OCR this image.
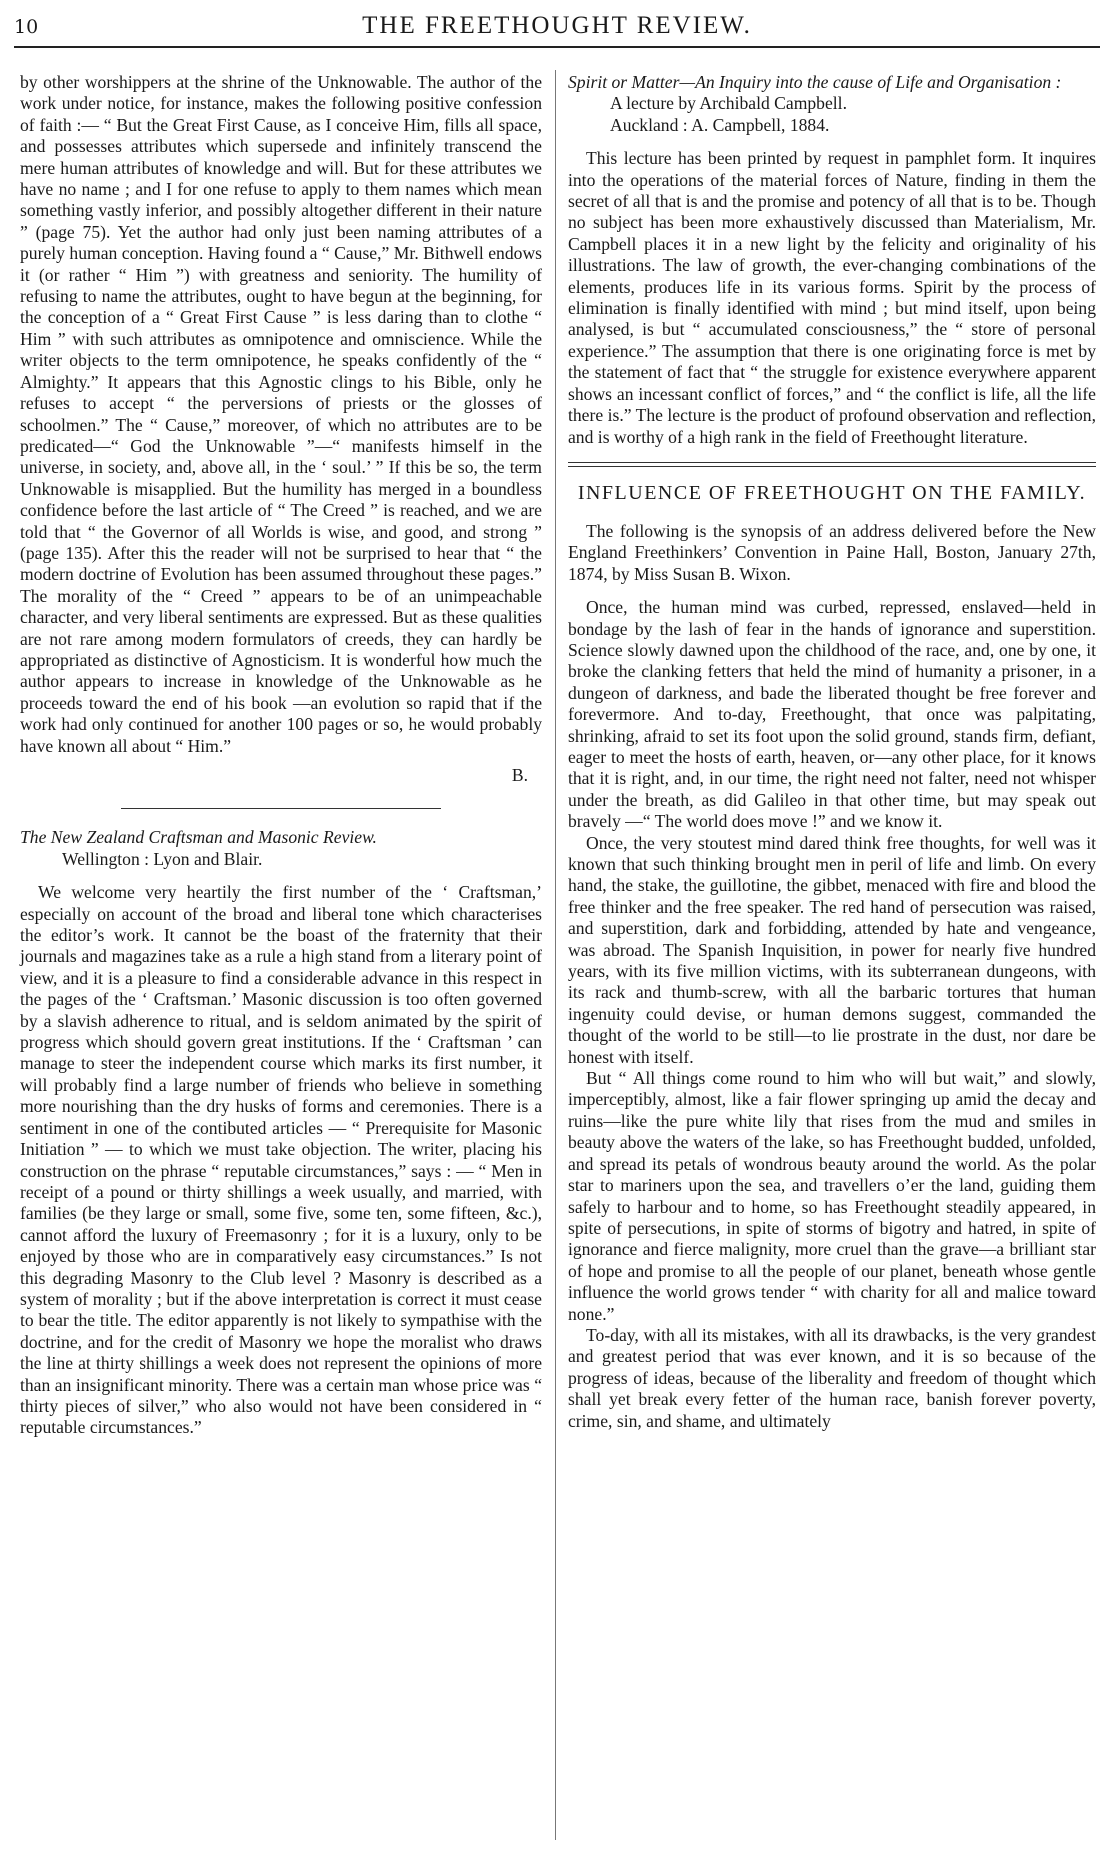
10	THE FREETHOUGHT REVIEW.

by other worshippers at the shrine of the Unknowable. The author of the work under notice, for instance, makes the following positive confession of faith :— “ But the Great First Cause, as I conceive Him, fills all space, and possesses attributes which supersede and infinitely transcend the mere human attributes of knowledge and will. But for these attributes we have no name ; and I for one refuse to apply to them names which mean something vastly inferior, and possibly altogether different in their nature ” (page 75). Yet the author had only just been naming attributes of a purely human conception. Having found a “ Cause,” Mr. Bithwell endows it (or rather “ Him ”) with greatness and seniority. The humility of refusing to name the attributes, ought to have begun at the beginning, for the conception of a “ Great First Cause ” is less daring than to clothe “ Him ” with such attributes as omnipotence and omniscience. While the writer objects to the term omnipotence, he speaks confidently of the “ Almighty.” It appears that this Agnostic clings to his Bible, only he refuses to accept “ the perversions of priests or the glosses of schoolmen.” The “ Cause,” moreover, of which no attributes are to be predicated—“ God the Unknowable ”—“ manifests himself in the universe, in society, and, above all, in the ‘ soul.’ ” If this be so, the term Unknowable is misapplied. But the humility has merged in a boundless confidence before the last article of “ The Creed ” is reached, and we are told that “ the Governor of all Worlds is wise, and good, and strong ” (page 135). After this the reader will not be surprised to hear that “ the modern doctrine of Evolution has been assumed throughout these pages.” The morality of the “ Creed ” appears to be of an unimpeachable character, and very liberal sentiments are expressed. But as these qualities are not rare among modern formulators of creeds, they can hardly be appropriated as distinctive of Agnosticism. It is wonderful how much the author appears to increase in knowledge of the Unknowable as he proceeds toward the end of his book —an evolution so rapid that if the work had only continued for another 100 pages or so, he would probably have known all about “ Him.”

B.
The New Zealand Craftsman and Masonic Review.
Wellington : Lyon and Blair.

We welcome very heartily the first number of the ‘ Craftsman,’ especially on account of the broad and liberal tone which characterises the editor’s work. It cannot be the boast of the fraternity that their journals and magazines take as a rule a high stand from a literary point of view, and it is a pleasure to find a considerable advance in this respect in the pages of the ‘ Craftsman.’ Masonic discussion is too often governed by a slavish adherence to ritual, and is seldom animated by the spirit of progress which should govern great institutions. If the ‘ Craftsman ’ can manage to steer the independent course which marks its first number, it will probably find a large number of friends who believe in something more nourishing than the dry husks of forms and ceremonies. There is a sentiment in one of the contibuted articles — “ Prerequisite for Masonic Initiation ” — to which we must take objection. The writer, placing his construction on the phrase “ reputable circumstances,” says : — “ Men in receipt of a pound or thirty shillings a week usually, and married, with families (be they large or small, some five, some ten, some fifteen, &c.), cannot afford the luxury of Freemasonry ; for it is a luxury, only to be enjoyed by those who are in comparatively easy circumstances.” Is not this degrading Masonry to the Club level ? Masonry is described as a system of morality ; but if the above interpretation is correct it must cease to bear the title. The editor apparently is not likely to sympathise with the doctrine, and for the credit of Masonry we hope the moralist who draws the line at thirty shillings a week does not represent the opinions of more than an insignificant minority. There was a certain man whose price was “ thirty pieces of silver,” who also would not have been considered in “ reputable circumstances.”

Spirit or Matter—An Inquiry into the cause of Life and Organisation :
A lecture by Archibald Campbell.
Auckland : A. Campbell, 1884.

This lecture has been printed by request in pamphlet form. It inquires into the operations of the material forces of Nature, finding in them the secret of all that is and the promise and potency of all that is to be. Though no subject has been more exhaustively discussed than Materialism, Mr. Campbell places it in a new light by the felicity and originality of his illustrations. The law of growth, the ever-changing combinations of the elements, produces life in its various forms. Spirit by the process of elimination is finally identified with mind ; but mind itself, upon being analysed, is but “ accumulated consciousness,” the “ store of personal experience.” The assumption that there is one originating force is met by the statement of fact that “ the struggle for existence everywhere apparent shows an incessant conflict of forces,” and “ the conflict is life, all the life there is.” The lecture is the product of profound observation and reflection, and is worthy of a high rank in the field of Freethought literature.

INFLUENCE OF FREETHOUGHT ON THE FAMILY.

The following is the synopsis of an address delivered before the New England Freethinkers’ Convention in Paine Hall, Boston, January 27th, 1874, by Miss Susan B. Wixon.

Once, the human mind was curbed, repressed, enslaved—held in bondage by the lash of fear in the hands of ignorance and superstition. Science slowly dawned upon the childhood of the race, and, one by one, it broke the clanking fetters that held the mind of humanity a prisoner, in a dungeon of darkness, and bade the liberated thought be free forever and forevermore. And to-day, Freethought, that once was palpitating, shrinking, afraid to set its foot upon the solid ground, stands firm, defiant, eager to meet the hosts of earth, heaven, or—any other place, for it knows that it is right, and, in our time, the right need not falter, need not whisper under the breath, as did Galileo in that other time, but may speak out bravely —“ The world does move !” and we know it.

Once, the very stoutest mind dared think free thoughts, for well was it known that such thinking brought men in peril of life and limb. On every hand, the stake, the guillotine, the gibbet, menaced with fire and blood the free thinker and the free speaker. The red hand of persecution was raised, and superstition, dark and forbidding, attended by hate and vengeance, was abroad. The Spanish Inquisition, in power for nearly five hundred years, with its five million victims, with its subterranean dungeons, with its rack and thumb-screw, with all the barbaric tortures that human ingenuity could devise, or human demons suggest, commanded the thought of the world to be still—to lie prostrate in the dust, nor dare be honest with itself.

But “ All things come round to him who will but wait,” and slowly, imperceptibly, almost, like a fair flower springing up amid the decay and ruins—like the pure white lily that rises from the mud and smiles in beauty above the waters of the lake, so has Freethought budded, unfolded, and spread its petals of wondrous beauty around the world. As the polar star to mariners upon the sea, and travellers o’er the land, guiding them safely to harbour and to home, so has Freethought steadily appeared, in spite of persecutions, in spite of storms of bigotry and hatred, in spite of ignorance and fierce malignity, more cruel than the grave—a brilliant star of hope and promise to all the people of our planet, beneath whose gentle influence the world grows tender “ with charity for all and malice toward none.”

To-day, with all its mistakes, with all its drawbacks, is the very grandest and greatest period that was ever known, and it is so because of the progress of ideas, because of the liberality and freedom of thought which shall yet break every fetter of the human race, banish forever poverty, crime, sin, and shame, and ultimately
